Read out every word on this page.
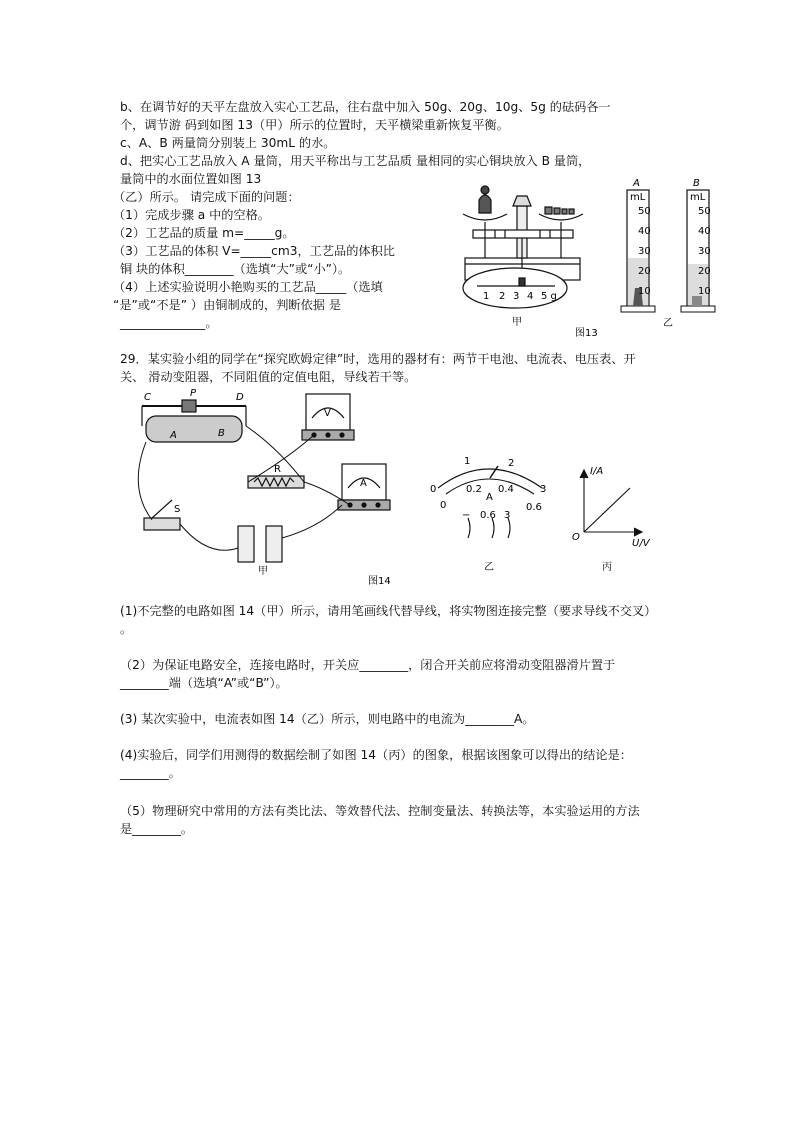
b、在调节好的天平左盘放入实心工艺品，往右盘中加入 50g、20g、10g、5g 的砝码各一
个，调节游 码到如图 13（甲）所示的位置时，天平横梁重新恢复平衡。
c、A、B 两量筒分别装上 30mL 的水。
d、把实心工艺品放入 A 量筒，用天平称出与工艺品质 量相同的实心铜块放入 B 量筒，
量筒中的水面位置如图 13
（乙）所示。 请完成下面的问题：
（1）完成步骤 a 中的空格。
（2）工艺品的质量 m=_____g。
（3）工艺品的体积 V=_____cm3，工艺品的体积比
铜 块的体积________（选填“大”或“小”）。
（4）上述实验说明小艳购买的工艺品_____（选填
“是”或“不是” ）由铜制成的，判断依据 是
______________。
1 2 3 4 5 g
甲
图13
A
mL
50
40
30
20
10
B
mL
50
40
30
20
10
乙
29．某实验小组的同学在“探究欧姆定律”时，选用的器材有：两节干电池、电流表、电压表、开
关、 滑动变阻器，不同阻值的定值电阻，导线若干等。
C	P	D
A	B
V
R
A
S
甲
图14
0
1	2
3
0
0.2 0.4
0.6
A
− 0.6 3
乙
I/A
U/V
O
丙
(1)不完整的电路如图 14（甲）所示，请用笔画线代替导线，将实物图连接完整（要求导线不交叉）
。
（2）为保证电路安全，连接电路时，开关应________，闭合开关前应将滑动变阻器滑片置于
________端（选填“A”或“B”）。
(3) 某次实验中，电流表如图 14（乙）所示，则电路中的电流为________A。
(4)实验后，同学们用测得的数据绘制了如图 14（丙）的图象，根据该图象可以得出的结论是：
________。
（5）物理研究中常用的方法有类比法、等效替代法、控制变量法、转换法等，本实验运用的方法
是________。
